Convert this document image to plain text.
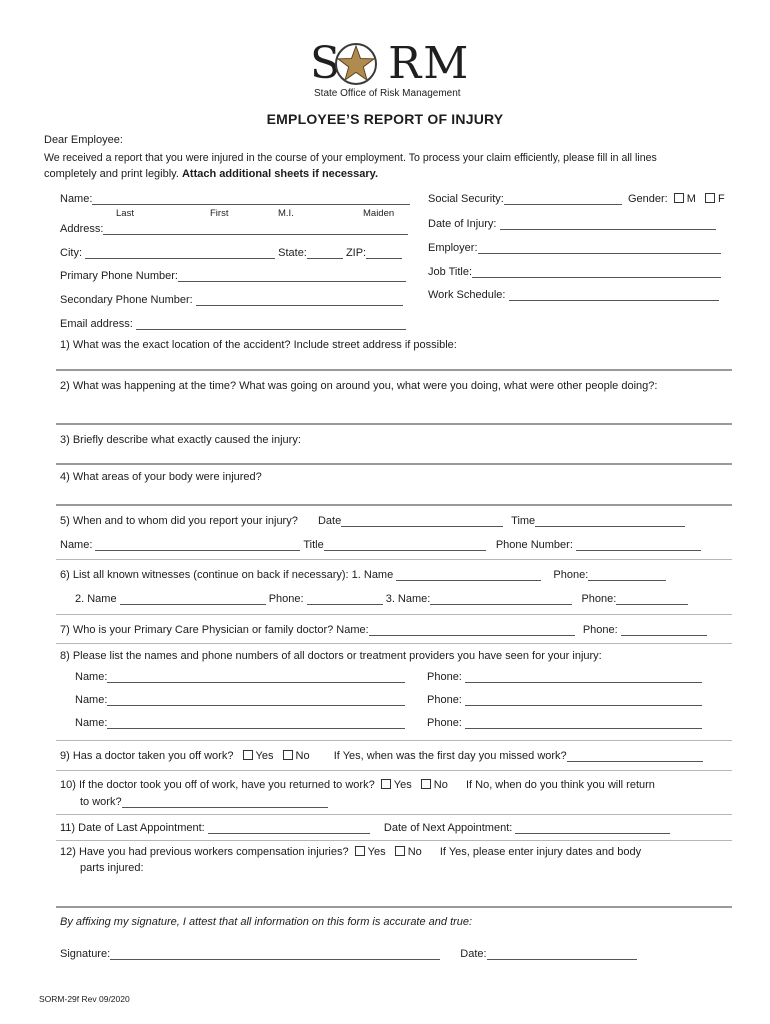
S RM
State Office of Risk Management
EMPLOYEE’S REPORT OF INJURY
Dear Employee:
We received a report that you were injured in the course of your employment. To process your claim efficiently, please fill in all lines
completely and print legibly. Attach additional sheets if necessary.
Name:
Last	First	M.I.	Maiden
Address:
City:	State:	ZIP:
Primary Phone Number:
Secondary Phone Number:
Email address:
Social Security:	Gender: M F
Date of Injury:
Employer:
Job Title:
Work Schedule:
1) What was the exact location of the accident? Include street address if possible:
2) What was happening at the time? What was going on around you, what were you doing, what were other people doing?:
3) Briefly describe what exactly caused the injury:
4) What areas of your body were injured?
5) When and to whom did you report your injury? Date	Time
Name:	Title	Phone Number:
6) List all known witnesses (continue on back if necessary): 1. Name	Phone:
2. Name	Phone:	3. Name:	Phone:
7) Who is your Primary Care Physician or family doctor? Name:	Phone:
8) Please list the names and phone numbers of all doctors or treatment providers you have seen for your injury:
Name:	Phone:
Name:	Phone:
Name:	Phone:
9) Has a doctor taken you off work? Yes No If Yes, when was the first day you missed work?
10) If the doctor took you off of work, have you returned to work? Yes No If No, when do you think you will return
to work?
11) Date of Last Appointment:	Date of Next Appointment:
12) Have you had previous workers compensation injuries? Yes No If Yes, please enter injury dates and body
parts injured:
By affixing my signature, I attest that all information on this form is accurate and true:
Signature:	Date:
SORM-29f Rev 09/2020
